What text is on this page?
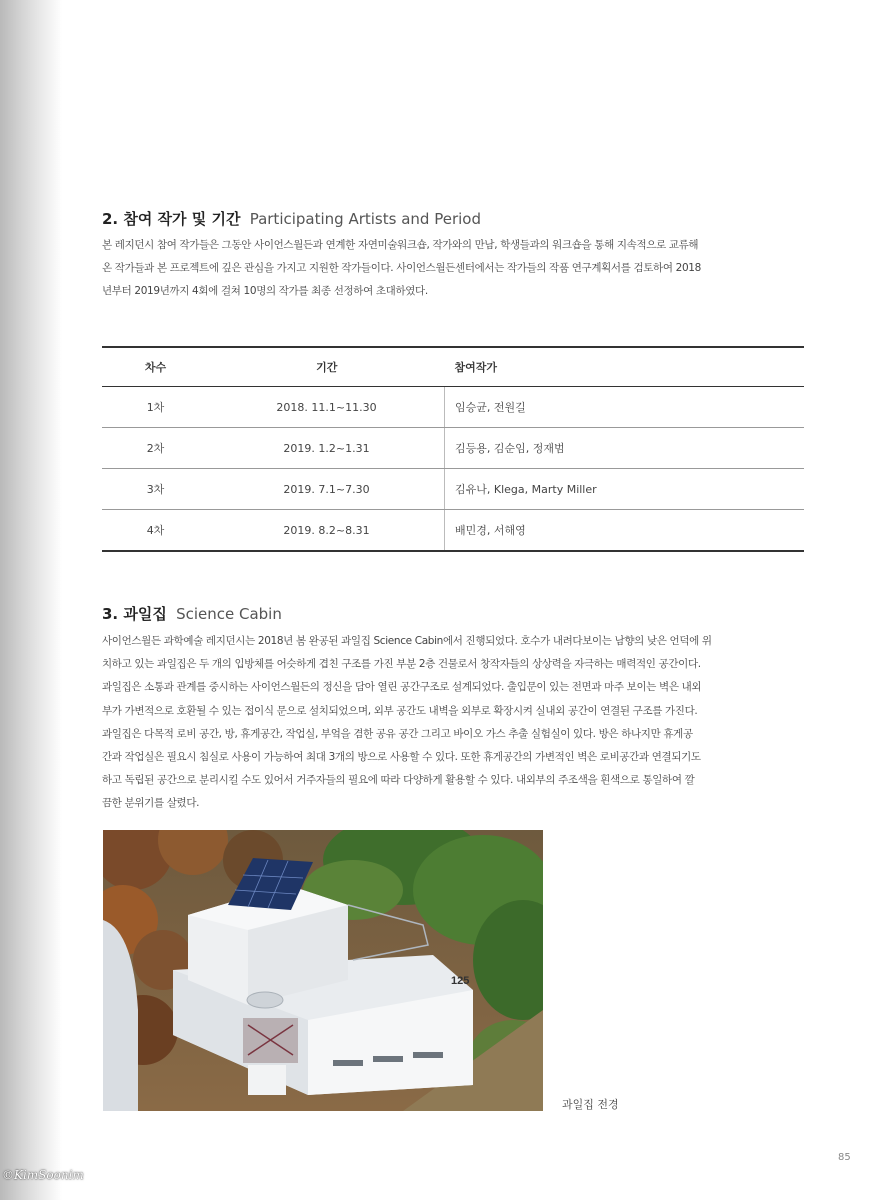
2. 참여 작가 및 기간 Participating Artists and Period

본 레지던시 참여 작가들은 그동안 사이언스월든과 연계한 자연미술워크숍, 작가와의 만남, 학생들과의 워크숍을 통해 지속적으로 교류해
온 작가들과 본 프로젝트에 깊은 관심을 가지고 지원한 작가들이다. 사이언스월든센터에서는 작가들의 작품 연구계획서를 검토하여 2018
년부터 2019년까지 4회에 걸쳐 10명의 작가를 최종 선정하여 초대하였다.

차수	기간	참여작가
1차	2018. 11.1~11.30	임승균, 전원길
2차	2019. 1.2~1.31	김등용, 김순임, 정재범
3차	2019. 7.1~7.30	김유나, Klega, Marty Miller
4차	2019. 8.2~8.31	배민경, 서해영
3. 과일집 Science Cabin

사이언스월든 과학예술 레지던시는 2018년 봄 완공된 과일집 Science Cabin에서 진행되었다. 호수가 내려다보이는 남향의 낮은 언덕에 위
치하고 있는 과일집은 두 개의 입방체를 어슷하게 겹친 구조를 가진 부분 2층 건물로서 창작자들의 상상력을 자극하는 매력적인 공간이다.
과일집은 소통과 관계를 중시하는 사이언스월든의 정신을 담아 열린 공간구조로 설계되었다. 출입문이 있는 전면과 마주 보이는 벽은 내외
부가 가변적으로 호환될 수 있는 접이식 문으로 설치되었으며, 외부 공간도 내벽을 외부로 확장시켜 실내외 공간이 연결된 구조를 가진다.
과일집은 다목적 로비 공간, 방, 휴게공간, 작업실, 부엌을 겸한 공유 공간 그리고 바이오 가스 추출 실험실이 있다. 방은 하나지만 휴게공
간과 작업실은 필요시 침실로 사용이 가능하여 최대 3개의 방으로 사용할 수 있다. 또한 휴게공간의 가변적인 벽은 로비공간과 연결되기도
하고 독립된 공간으로 분리시킬 수도 있어서 거주자들의 필요에 따라 다양하게 활용할 수 있다. 내외부의 주조색을 흰색으로 통일하여 깔
끔한 분위기를 살렸다.

125
과일집 전경
85
©KimSoonim
